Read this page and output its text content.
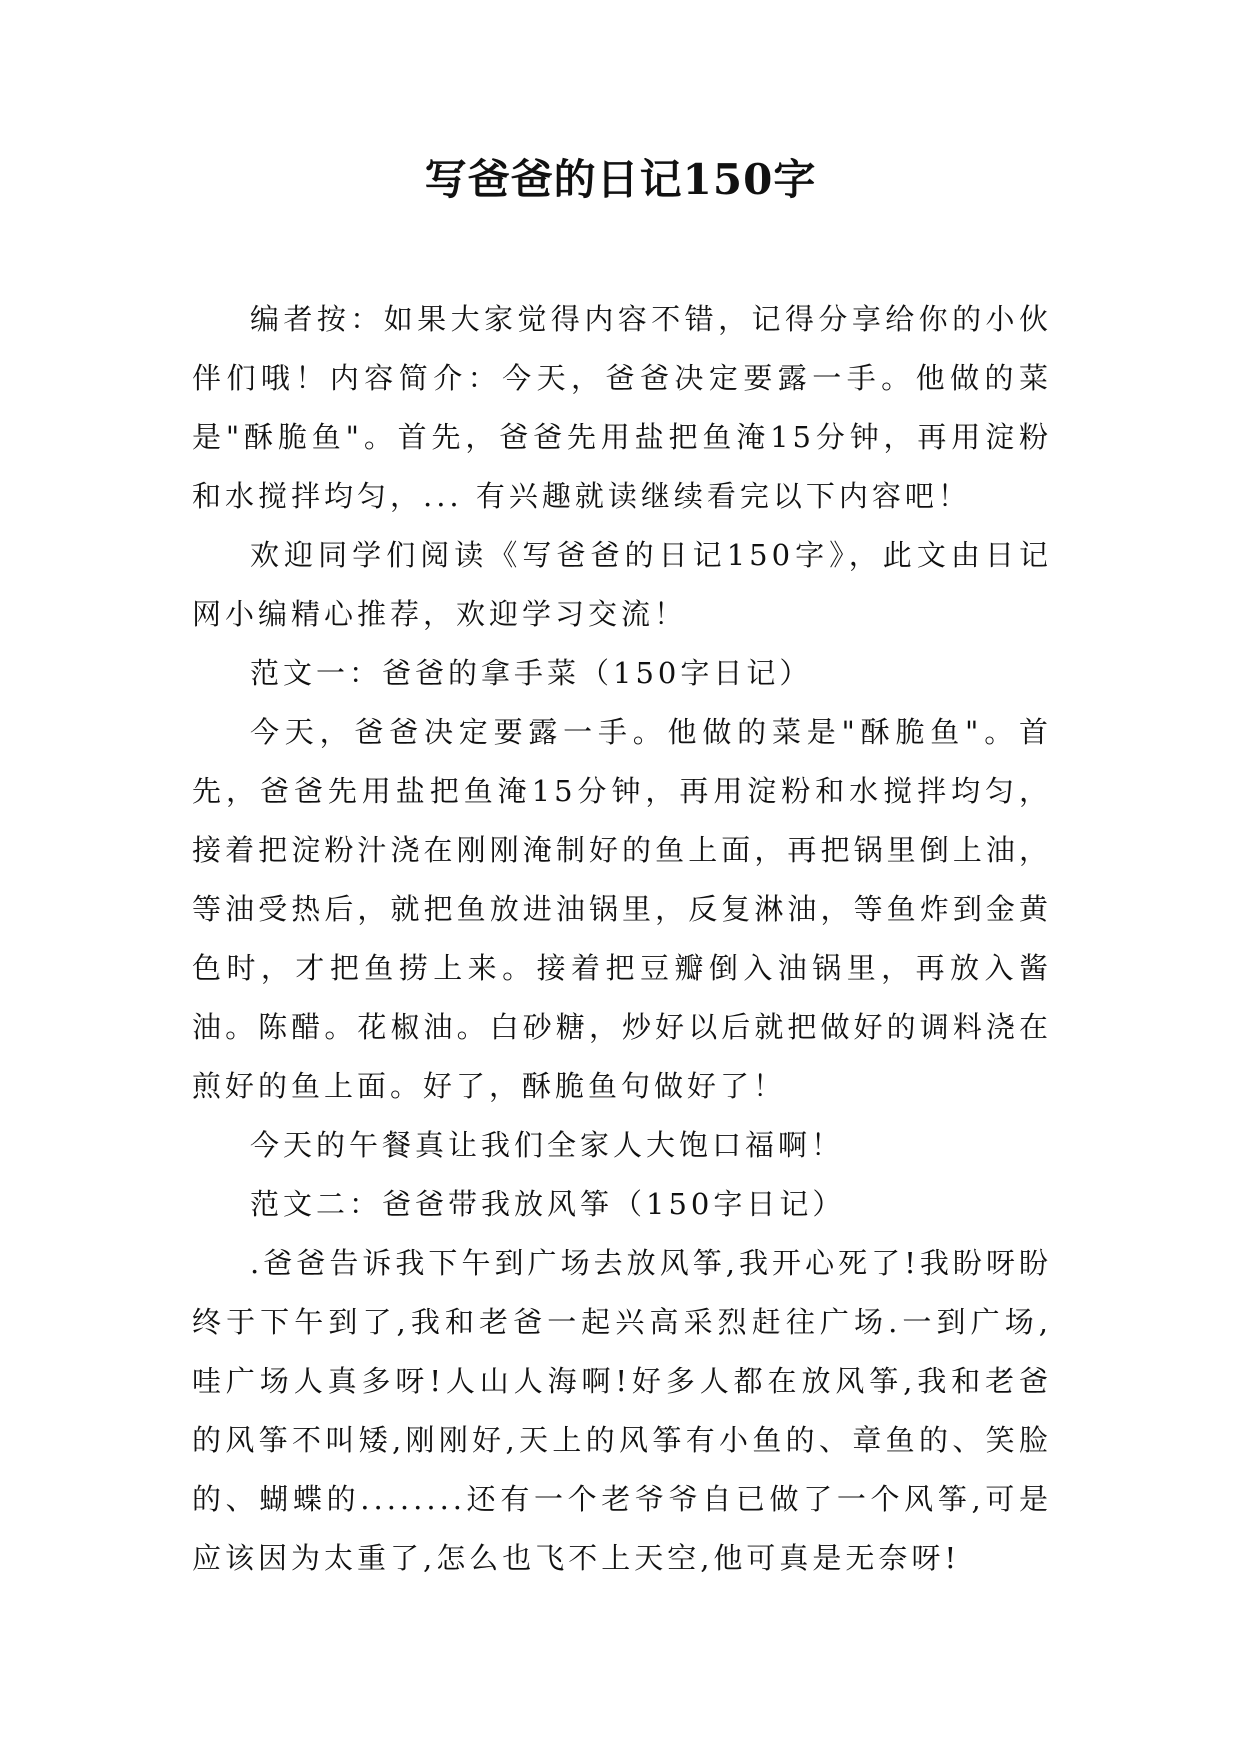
写爸爸的日记150字

编者按：如果大家觉得内容不错，记得分享给你的小伙伴们哦！内容简介：今天，爸爸决定要露一手。他做的菜是"酥脆鱼"。首先，爸爸先用盐把鱼淹15分钟，再用淀粉和水搅拌均匀，... 有兴趣就读继续看完以下内容吧！

欢迎同学们阅读《写爸爸的日记150字》，此文由日记网小编精心推荐，欢迎学习交流！

范文一：爸爸的拿手菜（150字日记）

今天，爸爸决定要露一手。他做的菜是"酥脆鱼"。首先，爸爸先用盐把鱼淹15分钟，再用淀粉和水搅拌均匀，接着把淀粉汁浇在刚刚淹制好的鱼上面，再把锅里倒上油，等油受热后，就把鱼放进油锅里，反复淋油，等鱼炸到金黄色时，才把鱼捞上来。接着把豆瓣倒入油锅里，再放入酱油。陈醋。花椒油。白砂糖，炒好以后就把做好的调料浇在煎好的鱼上面。好了，酥脆鱼句做好了！

今天的午餐真让我们全家人大饱口福啊！

范文二：爸爸带我放风筝（150字日记）

.爸爸告诉我下午到广场去放风筝,我开心死了!我盼呀盼终于下午到了,我和老爸一起兴高采烈赶往广场.一到广场,哇广场人真多呀!人山人海啊!好多人都在放风筝,我和老爸的风筝不叫矮,刚刚好,天上的风筝有小鱼的、章鱼的、笑脸的、蝴蝶的........还有一个老爷爷自已做了一个风筝,可是应该因为太重了,怎么也飞不上天空,他可真是无奈呀!
